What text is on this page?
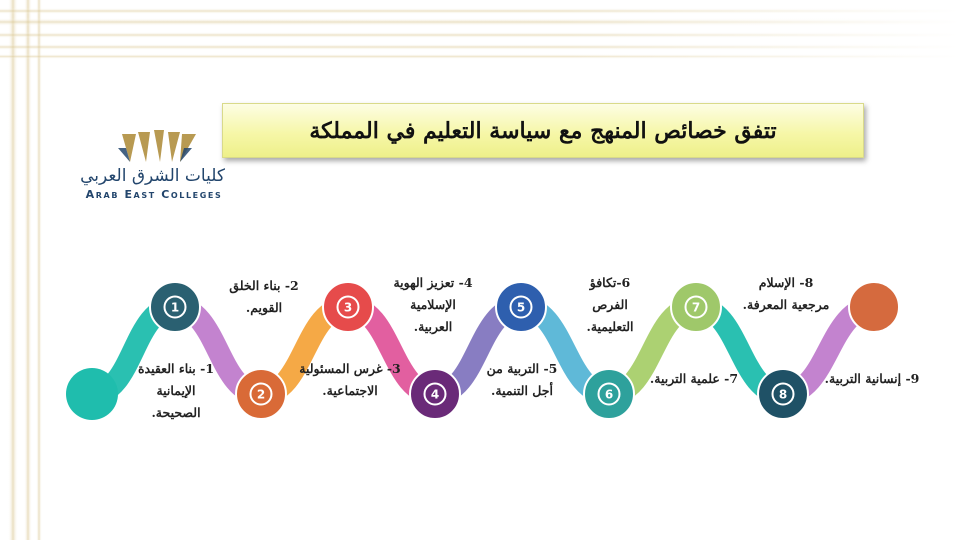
كليات الشرق العربي
Arab East Colleges
تتفق خصائص المنهج مع سياسة التعليم في المملكة
1
2
3
4
5
6
7
8
1- بناء العقيدة
الإيمانية
الصحيحة.
2- بناء الخلق
القويم.
3- غرس المسئولية
الاجتماعية.
4- تعزيز الهوية
الإسلامية
العربية.
5- التربية من
أجل التنمية.
6-تكافؤ
الفرص
التعليمية.
7- علمية التربية.
8- الإسلام
مرجعية المعرفة.
9- إنسانية التربية.
